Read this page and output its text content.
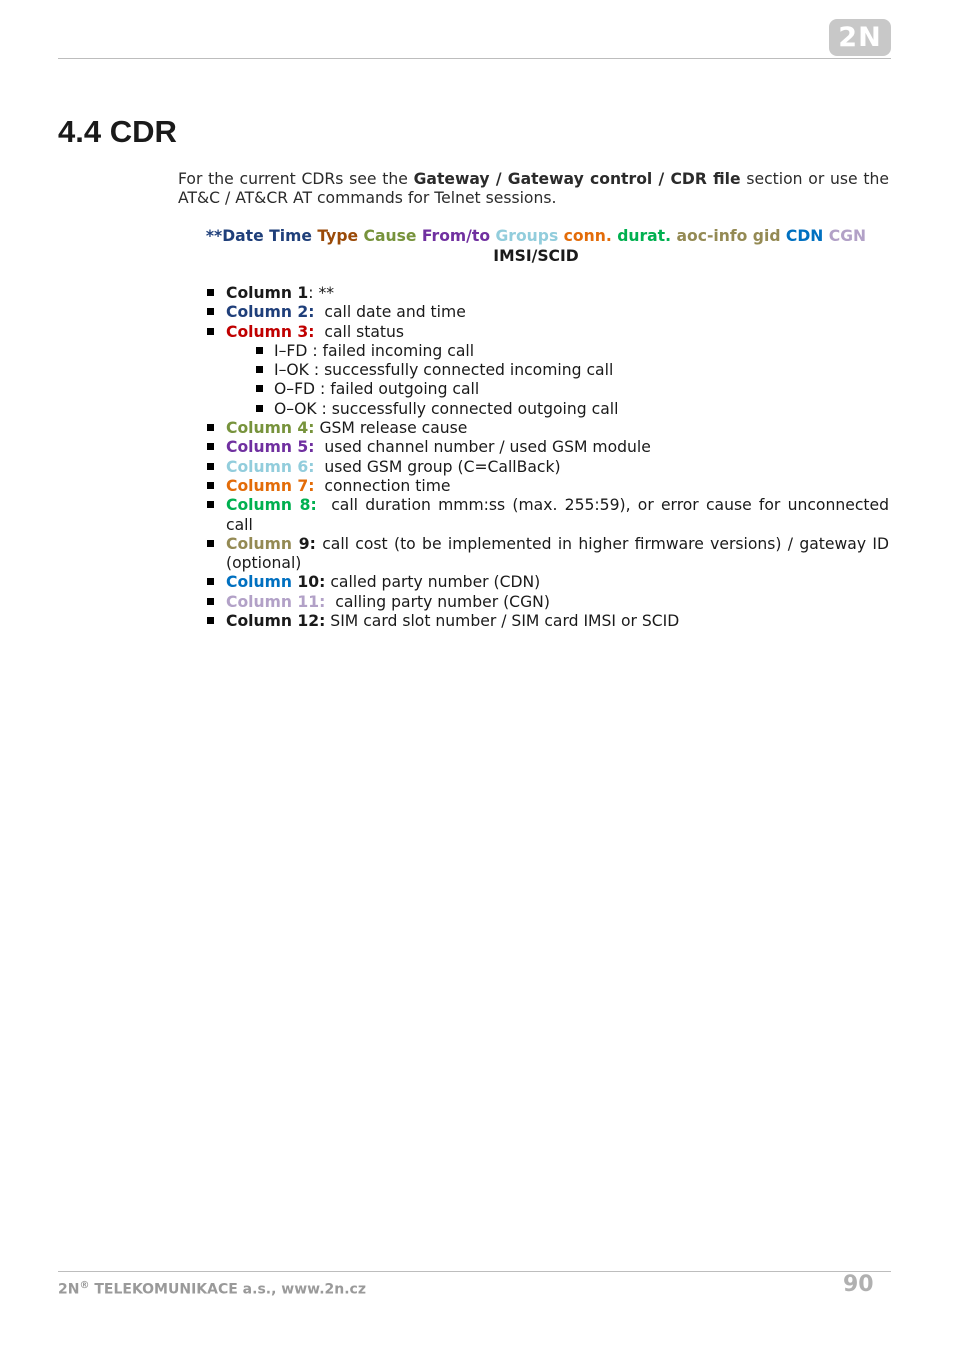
2N
4.4 CDR

For the current CDRs see the Gateway / Gateway control / CDR file section or use the AT&C / AT&CR AT commands for Telnet sessions.

**Date Time Type Cause From/to Groups conn. durat. aoc-info gid CDN CGN
IMSI/SCID

Column 1: **
Column 2: call date and time
Column 3: call status
I–FD : failed incoming call
I–OK : successfully connected incoming call
O–FD : failed outgoing call
O–OK : successfully connected outgoing call
Column 4: GSM release cause
Column 5: used channel number / used GSM module
Column 6: used GSM group (C=CallBack)
Column 7: connection time
Column 8: call duration mmm:ss (max. 255:59), or error cause for unconnected call
Column 9: call cost (to be implemented in higher firmware versions) / gateway ID (optional)
Column 10: called party number (CDN)
Column 11: calling party number (CGN)
Column 12: SIM card slot number / SIM card IMSI or SCID
2N® TELEKOMUNIKACE a.s., www.2n.cz	90
